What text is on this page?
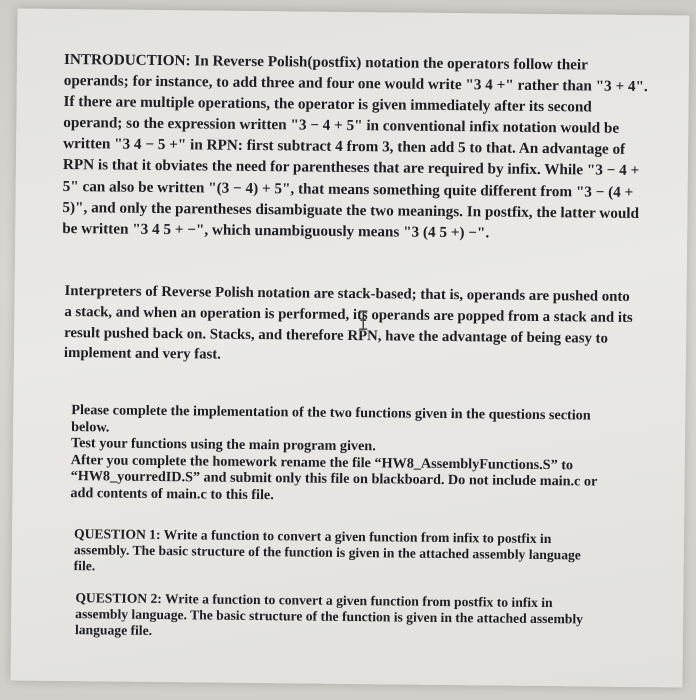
INTRODUCTION: In Reverse Polish(postfix) notation the operators follow their
operands; for instance, to add three and four one would write "3 4 +" rather than "3 + 4".
If there are multiple operations, the operator is given immediately after its second
operand; so the expression written "3 − 4 + 5" in conventional infix notation would be
written "3 4 − 5 +" in RPN: first subtract 4 from 3, then add 5 to that. An advantage of
RPN is that it obviates the need for parentheses that are required by infix. While "3 − 4 +
5" can also be written "(3 − 4) + 5", that means something quite different from "3 − (4 +
5)", and only the parentheses disambiguate the two meanings. In postfix, the latter would
be written "3 4 5 + −", which unambiguously means "3 (4 5 +) −".
Interpreters of Reverse Polish notation are stack-based; that is, operands are pushed onto
a stack, and when an operation is performed, its operands are popped from a stack and its
result pushed back on. Stacks, and therefore RPN, have the advantage of being easy to
implement and very fast.
Please complete the implementation of the two functions given in the questions section
below.
Test your functions using the main program given.
After you complete the homework rename the file “HW8_AssemblyFunctions.S” to
“HW8_yourredID.S” and submit only this file on blackboard. Do not include main.c or
add contents of main.c to this file.
QUESTION 1: Write a function to convert a given function from infix to postfix in
assembly. The basic structure of the function is given in the attached assembly language
file.
QUESTION 2: Write a function to convert a given function from postfix to infix in
assembly language. The basic structure of the function is given in the attached assembly
language file.
